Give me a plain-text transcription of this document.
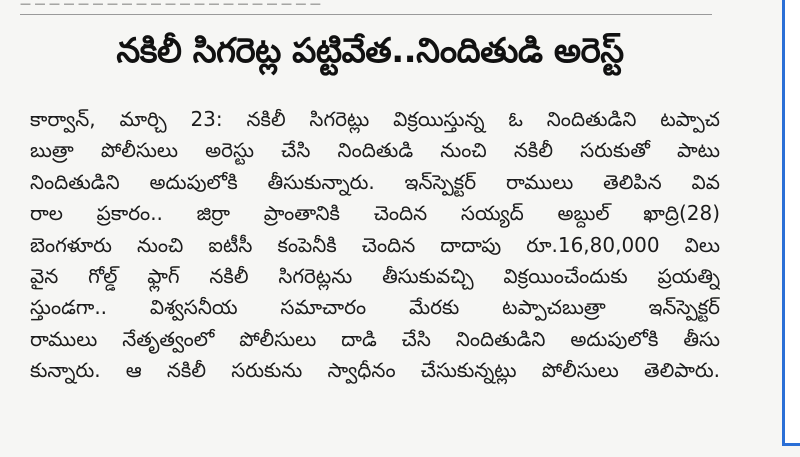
— — — — — — — — — — — — — — — — — — — — —
నకిలీ సిగరెట్ల పట్టివేత..నిందితుడి అరెస్ట్
కార్వాన్, మార్చి 23: నకిలీ సిగరెట్లు విక్రయిస్తున్న ఓ నిందితుడిని టప్పాచ
బుత్రా పోలీసులు అరెస్టు చేసి నిందితుడి నుంచి నకిలీ సరుకుతో పాటు
నిందితుడిని అదుపులోకి తీసుకున్నారు. ఇన్‌స్పెక్టర్ రాములు తెలిపిన వివ
రాల ప్రకారం.. జిర్రా ప్రాంతానికి చెందిన సయ్యద్ అబ్దుల్ ఖాద్రి(28)
బెంగళూరు నుంచి ఐటీసీ కంపెనీకి చెందిన దాదాపు రూ.16,80,000 విలు
వైన గోల్డ్ ఫ్లాగ్ నకిలీ సిగరెట్లను తీసుకువచ్చి విక్రయించేందుకు ప్రయత్ని
స్తుండగా.. విశ్వసనీయ సమాచారం మేరకు టప్పాచబుత్రా ఇన్‌స్పెక్టర్
రాములు నేతృత్వంలో పోలీసులు దాడి చేసి నిందితుడిని అదుపులోకి తీసు
కున్నారు. ఆ నకిలీ సరుకును స్వాధీనం చేసుకున్నట్లు పోలీసులు తెలిపారు.
